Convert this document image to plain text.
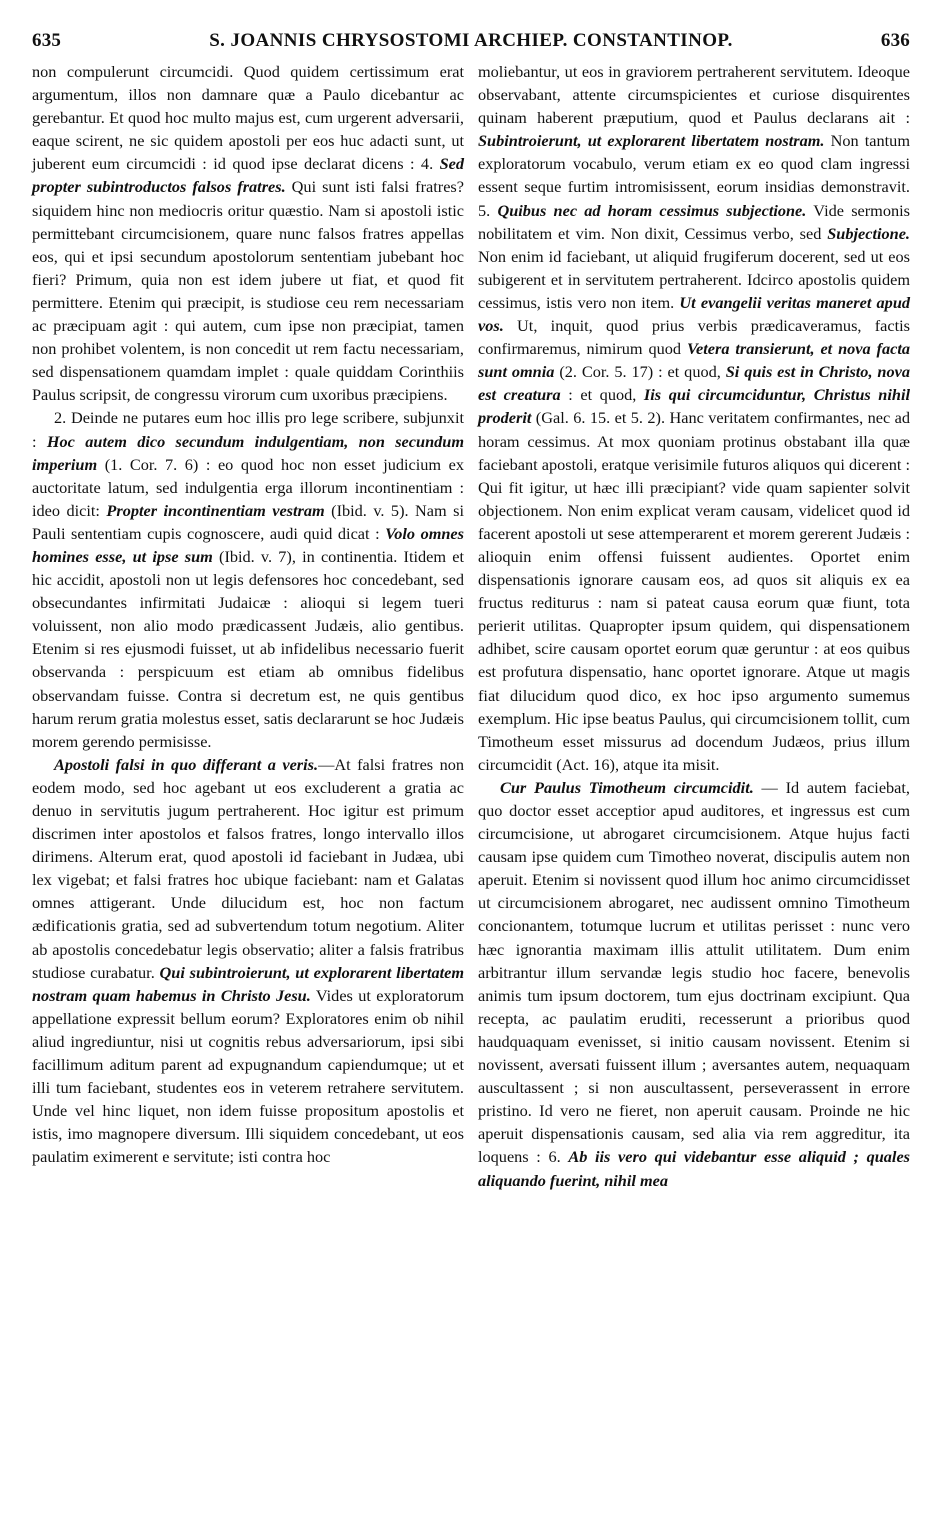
635	S. JOANNIS CHRYSOSTOMI ARCHIEP. CONSTANTINOP.	636

non compulerunt circumcidi. Quod quidem certissimum erat argumentum, illos non damnare quæ a Paulo dicebantur ac gerebantur. Et quod hoc multo majus est, cum urgerent adversarii, eaque scirent, ne sic quidem apostoli per eos huc adacti sunt, ut juberent eum circumcidi : id quod ipse declarat dicens : 4. Sed propter subintroductos falsos fratres. Qui sunt isti falsi fratres? siquidem hinc non mediocris oritur quæstio. Nam si apostoli istic permittebant circumcisionem, quare nunc falsos fratres appellas eos, qui et ipsi secundum apostolorum sententiam jubebant hoc fieri? Primum, quia non est idem jubere ut fiat, et quod fit permittere. Etenim qui præcipit, is studiose ceu rem necessariam ac præcipuam agit : qui autem, cum ipse non præcipiat, tamen non prohibet volentem, is non concedit ut rem factu necessariam, sed dispensationem quamdam implet : quale quiddam Corinthiis Paulus scripsit, de congressu virorum cum uxoribus præcipiens.

2. Deinde ne putares eum hoc illis pro lege scribere, subjunxit : Hoc autem dico secundum indulgentiam, non secundum imperium (1. Cor. 7. 6) : eo quod hoc non esset judicium ex auctoritate latum, sed indulgentia erga illorum incontinentiam : ideo dicit: Propter incontinentiam vestram (Ibid. v. 5). Nam si Pauli sententiam cupis cognoscere, audi quid dicat : Volo omnes homines esse, ut ipse sum (Ibid. v. 7), in continentia. Itidem et hic accidit, apostoli non ut legis defensores hoc concedebant, sed obsecundantes infirmitati Judaicæ : alioqui si legem tueri voluissent, non alio modo prædicassent Judæis, alio gentibus. Etenim si res ejusmodi fuisset, ut ab infidelibus necessario fuerit observanda : perspicuum est etiam ab omnibus fidelibus observandam fuisse. Contra si decretum est, ne quis gentibus harum rerum gratia molestus esset, satis declararunt se hoc Judæis morem gerendo permisisse.

Apostoli falsi in quo differant a veris.—At falsi fratres non eodem modo, sed hoc agebant ut eos excluderent a gratia ac denuo in servitutis jugum pertraherent. Hoc igitur est primum discrimen inter apostolos et falsos fratres, longo intervallo illos dirimens. Alterum erat, quod apostoli id faciebant in Judæa, ubi lex vigebat; et falsi fratres hoc ubique faciebant: nam et Galatas omnes attigerant. Unde dilucidum est, hoc non factum ædificationis gratia, sed ad subvertendum totum negotium. Aliter ab apostolis concedebatur legis observatio; aliter a falsis fratribus studiose curabatur. Qui subintroierunt, ut explorarent libertatem nostram quam habemus in Christo Jesu. Vides ut exploratorum appellatione expressit bellum eorum? Exploratores enim ob nihil aliud ingrediuntur, nisi ut cognitis rebus adversariorum, ipsi sibi facillimum aditum parent ad expugnandum capiendumque; ut et illi tum faciebant, studentes eos in veterem retrahere servitutem. Unde vel hinc liquet, non idem fuisse propositum apostolis et istis, imo magnopere diversum. Illi siquidem concedebant, ut eos paulatim eximerent e servitute; isti contra hoc

moliebantur, ut eos in graviorem pertraherent servitutem. Ideoque observabant, attente circumspicientes et curiose disquirentes quinam haberent præputium, quod et Paulus declarans ait : Subintroierunt, ut explorarent libertatem nostram. Non tantum exploratorum vocabulo, verum etiam ex eo quod clam ingressi essent seque furtim intromisissent, eorum insidias demonstravit. 5. Quibus nec ad horam cessimus subjectione. Vide sermonis nobilitatem et vim. Non dixit, Cessimus verbo, sed Subjectione. Non enim id faciebant, ut aliquid frugiferum docerent, sed ut eos subigerent et in servitutem pertraherent. Idcirco apostolis quidem cessimus, istis vero non item. Ut evangelii veritas maneret apud vos. Ut, inquit, quod prius verbis prædicaveramus, factis confirmaremus, nimirum quod Vetera transierunt, et nova facta sunt omnia (2. Cor. 5. 17) : et quod, Si quis est in Christo, nova est creatura : et quod, Iis qui circumciduntur, Christus nihil proderit (Gal. 6. 15. et 5. 2). Hanc veritatem confirmantes, nec ad horam cessimus. At mox quoniam protinus obstabant illa quæ faciebant apostoli, eratque verisimile futuros aliquos qui dicerent : Qui fit igitur, ut hæc illi præcipiant? vide quam sapienter solvit objectionem. Non enim explicat veram causam, videlicet quod id facerent apostoli ut sese attemperarent et morem gererent Judæis : alioquin enim offensi fuissent audientes. Oportet enim dispensationis ignorare causam eos, ad quos sit aliquis ex ea fructus rediturus : nam si pateat causa eorum quæ fiunt, tota perierit utilitas. Quapropter ipsum quidem, qui dispensationem adhibet, scire causam oportet eorum quæ geruntur : at eos quibus est profutura dispensatio, hanc oportet ignorare. Atque ut magis fiat dilucidum quod dico, ex hoc ipso argumento sumemus exemplum. Hic ipse beatus Paulus, qui circumcisionem tollit, cum Timotheum esset missurus ad docendum Judæos, prius illum circumcidit (Act. 16), atque ita misit.

Cur Paulus Timotheum circumcidit. — Id autem faciebat, quo doctor esset acceptior apud auditores, et ingressus est cum circumcisione, ut abrogaret circumcisionem. Atque hujus facti causam ipse quidem cum Timotheo noverat, discipulis autem non aperuit. Etenim si novissent quod illum hoc animo circumcidisset ut circumcisionem abrogaret, nec audissent omnino Timotheum concionantem, totumque lucrum et utilitas perisset : nunc vero hæc ignorantia maximam illis attulit utilitatem. Dum enim arbitrantur illum servandæ legis studio hoc facere, benevolis animis tum ipsum doctorem, tum ejus doctrinam excipiunt. Qua recepta, ac paulatim eruditi, recesserunt a prioribus quod haudquaquam evenisset, si initio causam novissent. Etenim si novissent, aversati fuissent illum ; aversantes autem, nequaquam auscultassent ; si non auscultassent, perseverassent in errore pristino. Id vero ne fieret, non aperuit causam. Proinde ne hic aperuit dispensationis causam, sed alia via rem aggreditur, ita loquens : 6. Ab iis vero qui videbantur esse aliquid ; quales aliquando fuerint, nihil mea
